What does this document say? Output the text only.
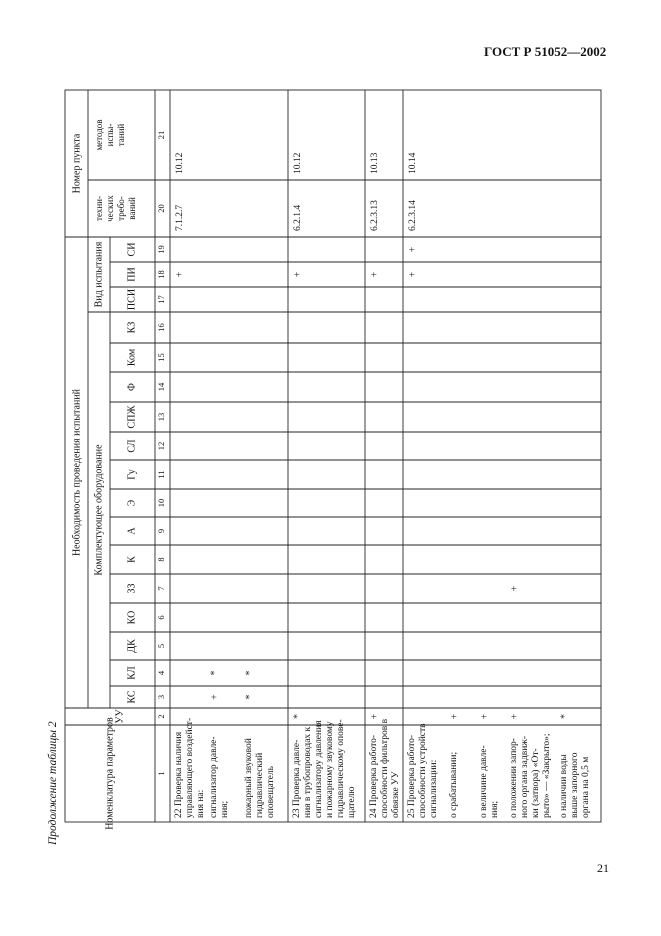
ГОСТ Р 51052—2002
Продолжение таблицы 2
21
Номер пункта
Необходимость проведения испытаний
Вид испытания
Комплектующее оборудование
Номенклатура параметров
УУ
методов испы- таний
техни- ческих требо- ваний
ПСИ
ПИ
СИ
КС
КЛ
ДК
КО
ЗЗ
К
А
Э
Гу
СЛ
СПЖ
Ф
Ком
КЗ
1
2
3
4
5
6
7
8
9
10
11
12
13
14
15
16
17
18
19
20
21
22 Проверка наличия управляющего воздейст- вия на:
+
7.1.2.7
10.12
сигнализатор давле- ния;
+
*
пожарный звуковой гидравлический оповещатель
*
*
23 Проверка давле- ния в трубопроводах к сигнализатору давления и пожарному звуковому гидравлическому опове- щателю
*
+
6.2.1.4
10.12
24 Проверка работо- способности фильтров в обвязке УУ
+
+
6.2.3.13
10.13
25 Проверка работо- способности устройств сигнализации:
+
+
6.2.3.14
10.14
о срабатывании;
+
о величине давле- ния;
+
о положении запор- ного органа задвиж- ки (затвора) «От- рыто» — «Закрыто»;
+
+
о наличии воды выше запорного органа на 0,5 м
*
